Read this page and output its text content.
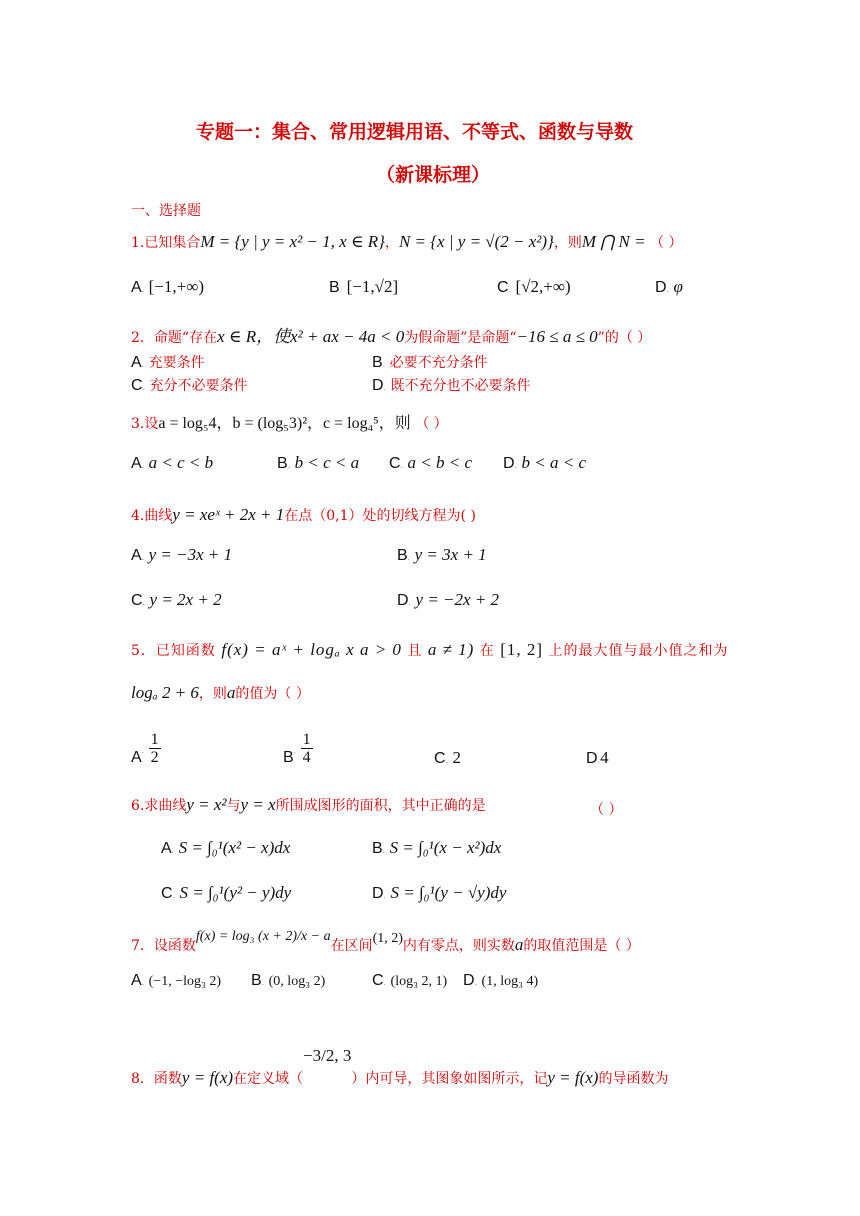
专题一：集合、常用逻辑用语、不等式、函数与导数
（新课标理）
一、选择题
1.已知集合M = {y | y = x² − 1, x ∈ R}，N = {x | y = √(2 − x²)}，则M ⋂ N = （ ）
A. [−1,+∞)	B. [−1,√2]	C. [√2,+∞)	D. φ
2．命题“存在x ∈ R，使x² + ax − 4a < 0为假命题”是命题“−16 ≤ a ≤ 0”的（ ）
A. 充要条件	B. 必要不充分条件
C. 充分不必要条件	D. 既不充分也不必要条件
3.设a = log₅4，b = (log₅3)²，c = log₄⁵，则 （ ）
A. a < c < b	B. b < c < a C. a < b < c D. b < a < c
4.曲线y = xeˣ + 2x + 1在点（0,1）处的切线方程为( )
A. y = −3x + 1	B. y = 3x + 1
C. y = 2x + 2	D. y = −2x + 2
5．已知函数 f(x) = aˣ + logₐ x a > 0 且 a ≠ 1) 在 [1, 2] 上的最大值与最小值之和为
logₐ 2 + 6，则a的值为（ ）
A. $\frac{1}{2}$	B. $\frac{1}{4}$	C. 2	D.4
6.求曲线y = x²与y = x所围成图形的面积，其中正确的是	（ ）
A. S = ∫₀¹(x² − x)dx	B. S = ∫₀¹(x − x²)dx
C. S = ∫₀¹(y² − y)dy	D. S = ∫₀¹(y − √y)dy
7．设函数f(x) = log₃ (x + 2)/x − a在区间(1, 2)内有零点，则实数a的取值范围是（ ）
A. (−1, −log₃ 2) B. (0, log₃ 2)	C. (log₃ 2, 1) D. (1, log₃ 4)
8．函数y = f(x)在定义域（−3/2, 3）内可导，其图象如图所示，记y = f(x)的导函数为
